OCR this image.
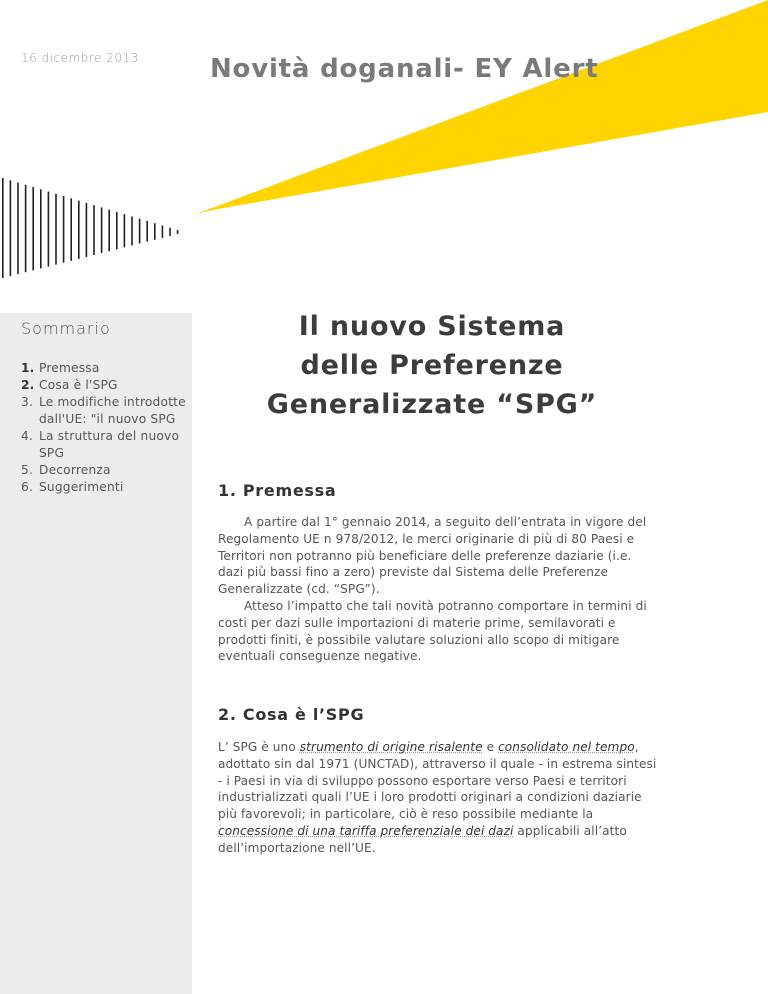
16 dicembre 2013	Novità doganali- EY Alert
Sommario
1. Premessa
2. Cosa è l'SPG
3. Le modifiche introdotte dall'UE: "il nuovo SPG
4. La struttura del nuovo SPG
5. Decorrenza
6. Suggerimenti
Il nuovo Sistema
delle Preferenze
Generalizzate “SPG”
1. Premessa

A partire dal 1° gennaio 2014, a seguito dell’entrata in vigore del Regolamento UE n 978/2012, le merci originarie di più di 80 Paesi e Territori non potranno più beneficiare delle preferenze daziarie (i.e. dazi più bassi fino a zero) previste dal Sistema delle Preferenze Generalizzate (cd. “SPG”).

Atteso l’impatto che tali novità potranno comportare in termini di costi per dazi sulle importazioni di materie prime, semilavorati e prodotti finiti, è possibile valutare soluzioni allo scopo di mitigare eventuali conseguenze negative.

2. Cosa è l’SPG

L’ SPG è uno strumento di origine risalente e consolidato nel tempo, adottato sin dal 1971 (UNCTAD), attraverso il quale - in estrema sintesi - i Paesi in via di sviluppo possono esportare verso Paesi e territori industrializzati quali l’UE i loro prodotti originari a condizioni daziarie più favorevoli; in particolare, ciò è reso possibile mediante la concessione di una tariffa preferenziale dei dazi applicabili all’atto dell’importazione nell’UE.
